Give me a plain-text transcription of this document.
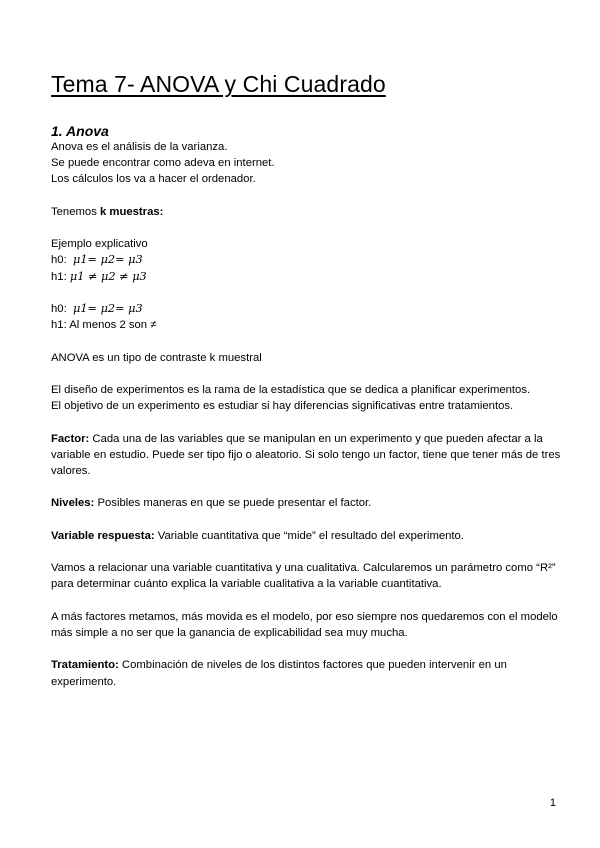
Tema 7- ANOVA y Chi Cuadrado
1. Anova

Anova es el análisis de la varianza.

Se puede encontrar como adeva en internet.

Los cálculos los va a hacer el ordenador.

Tenemos k muestras:

Ejemplo explicativo

h0: μ1= μ2= μ3

h1: μ1 ≠ μ2 ≠ μ3

h0: μ1= μ2= μ3

h1: Al menos 2 son ≠

ANOVA es un tipo de contraste k muestral

El diseño de experimentos es la rama de la estadística que se dedica a planificar experimentos.

El objetivo de un experimento es estudiar si hay diferencias significativas entre tratamientos.

Factor: Cada una de las variables que se manipulan en un experimento y que pueden afectar a la variable en estudio. Puede ser tipo fijo o aleatorio. Si solo tengo un factor, tiene que tener más de tres valores.

Niveles: Posibles maneras en que se puede presentar el factor.

Variable respuesta: Variable cuantitativa que “mide” el resultado del experimento.

Vamos a relacionar una variable cuantitativa y una cualitativa. Calcularemos un parámetro como “R²” para determinar cuánto explica la variable cualitativa a la variable cuantitativa.

A más factores metamos, más movida es el modelo, por eso siempre nos quedaremos con el modelo más simple a no ser que la ganancia de explicabilidad sea muy mucha.

Tratamiento: Combinación de niveles de los distintos factores que pueden intervenir en un experimento.

1
